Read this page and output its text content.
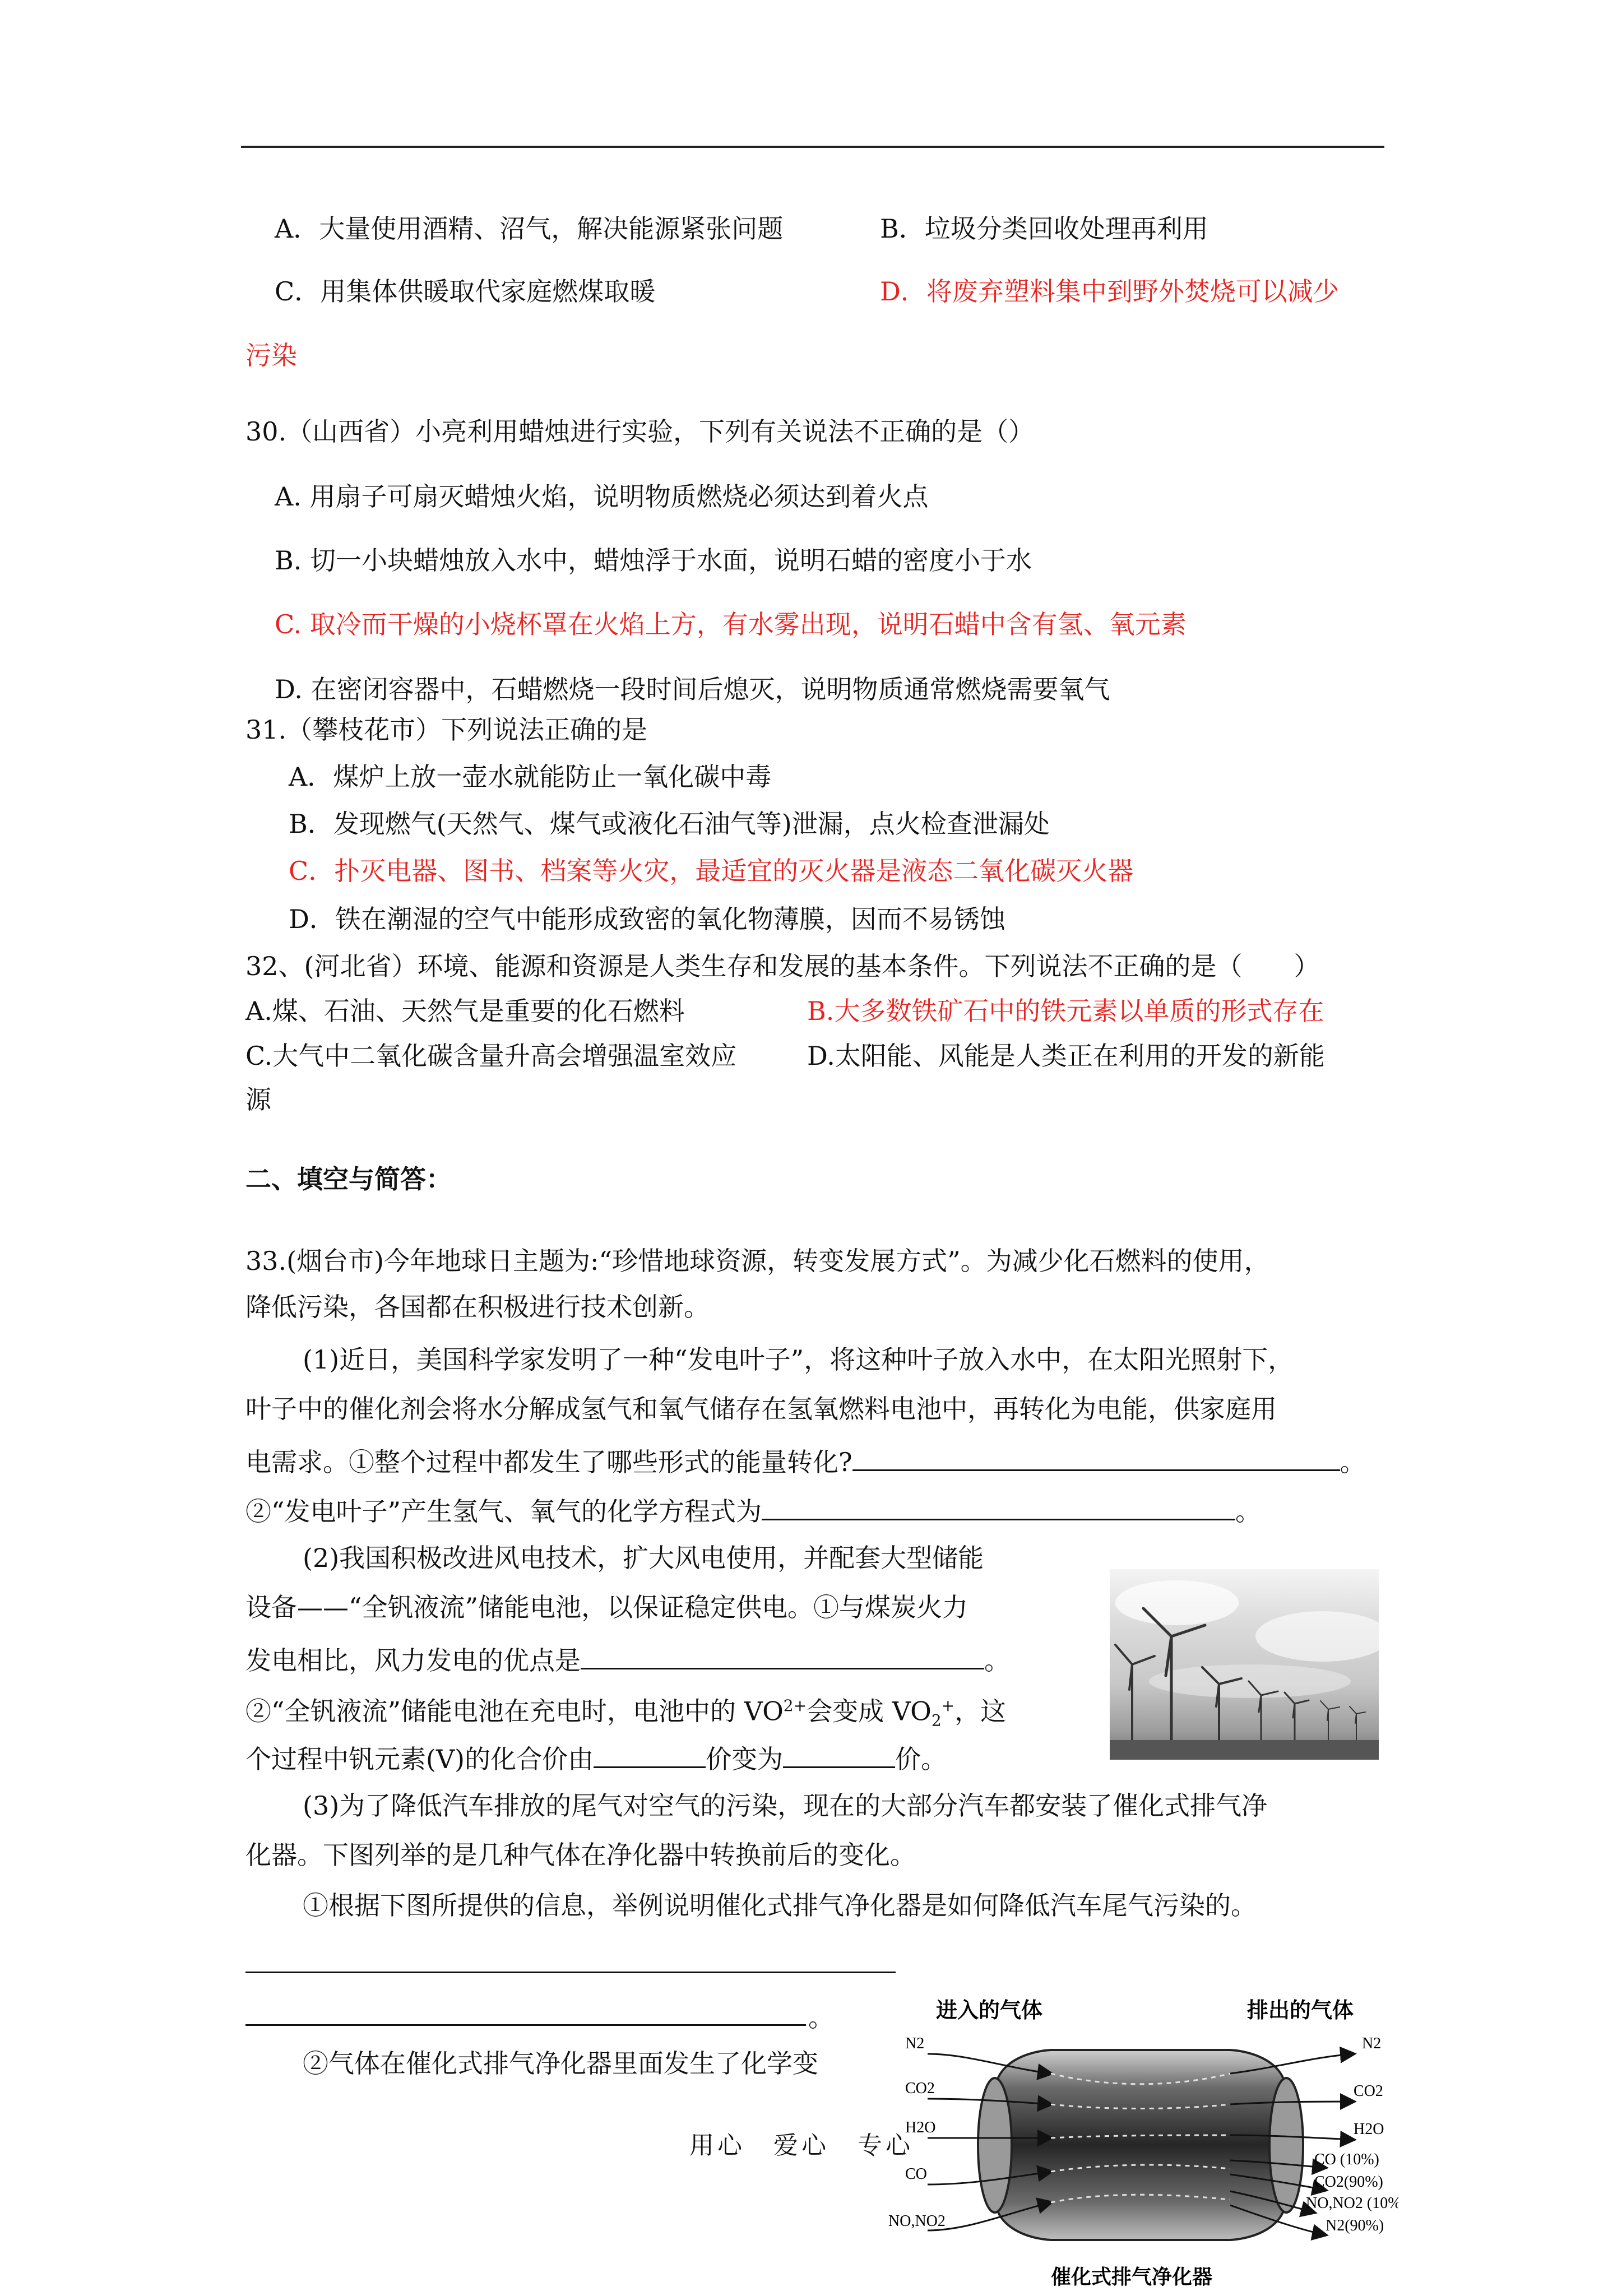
A．大量使用酒精、沼气，解决能源紧张问题	B．垃圾分类回收处理再利用
C．用集体供暖取代家庭燃煤取暖	D．将废弃塑料集中到野外焚烧可以减少
污染
30.（山西省）小亮利用蜡烛进行实验，下列有关说法不正确的是（）
A. 用扇子可扇灭蜡烛火焰，说明物质燃烧必须达到着火点
B. 切一小块蜡烛放入水中，蜡烛浮于水面，说明石蜡的密度小于水
C. 取冷而干燥的小烧杯罩在火焰上方，有水雾出现，说明石蜡中含有氢、氧元素
D. 在密闭容器中，石蜡燃烧一段时间后熄灭，说明物质通常燃烧需要氧气
31.（攀枝花市）下列说法正确的是
A．煤炉上放一壶水就能防止一氧化碳中毒
B．发现燃气(天然气、煤气或液化石油气等)泄漏，点火检查泄漏处
C．扑灭电器、图书、档案等火灾，最适宜的灭火器是液态二氧化碳灭火器
D．铁在潮湿的空气中能形成致密的氧化物薄膜，因而不易锈蚀
32、(河北省）环境、能源和资源是人类生存和发展的基本条件。下列说法不正确的是（　　）
A.煤、石油、天然气是重要的化石燃料	B.大多数铁矿石中的铁元素以单质的形式存在
C.大气中二氧化碳含量升高会增强温室效应	D.太阳能、风能是人类正在利用的开发的新能
源
二、填空与简答：
33.(烟台市)今年地球日主题为:“珍惜地球资源，转变发展方式”。为减少化石燃料的使用，
降低污染，各国都在积极进行技术创新。
(1)近日，美国科学家发明了一种“发电叶子”，将这种叶子放入水中，在太阳光照射下，
叶子中的催化剂会将水分解成氢气和氧气储存在氢氧燃料电池中，再转化为电能，供家庭用
电需求。①整个过程中都发生了哪些形式的能量转化?	。
②“发电叶子”产生氢气、氧气的化学方程式为	。
(2)我国积极改进风电技术，扩大风电使用，并配套大型储能
设备——“全钒液流”储能电池，以保证稳定供电。①与煤炭火力
发电相比，风力发电的优点是	。
②“全钒液流”储能电池在充电时，电池中的 $VO^{2+}$会变成 $VO_2^+$，这
个过程中钒元素(V)的化合价由	价变为	价。
(3)为了降低汽车排放的尾气对空气的污染，现在的大部分汽车都安装了催化式排气净
化器。下图列举的是几种气体在净化器中转换前后的变化。
①根据下图所提供的信息，举例说明催化式排气净化器是如何降低汽车尾气污染的。
。
②气体在催化式排气净化器里面发生了化学变
用心　爱心　专心
进入的气体	排出的气体
N2
CO2
H2O
CO
NO,NO2
N2
CO2
H2O
CO (10%)
CO2(90%)
NO,NO2 (10%)
N2(90%)
催化式排气净化器
